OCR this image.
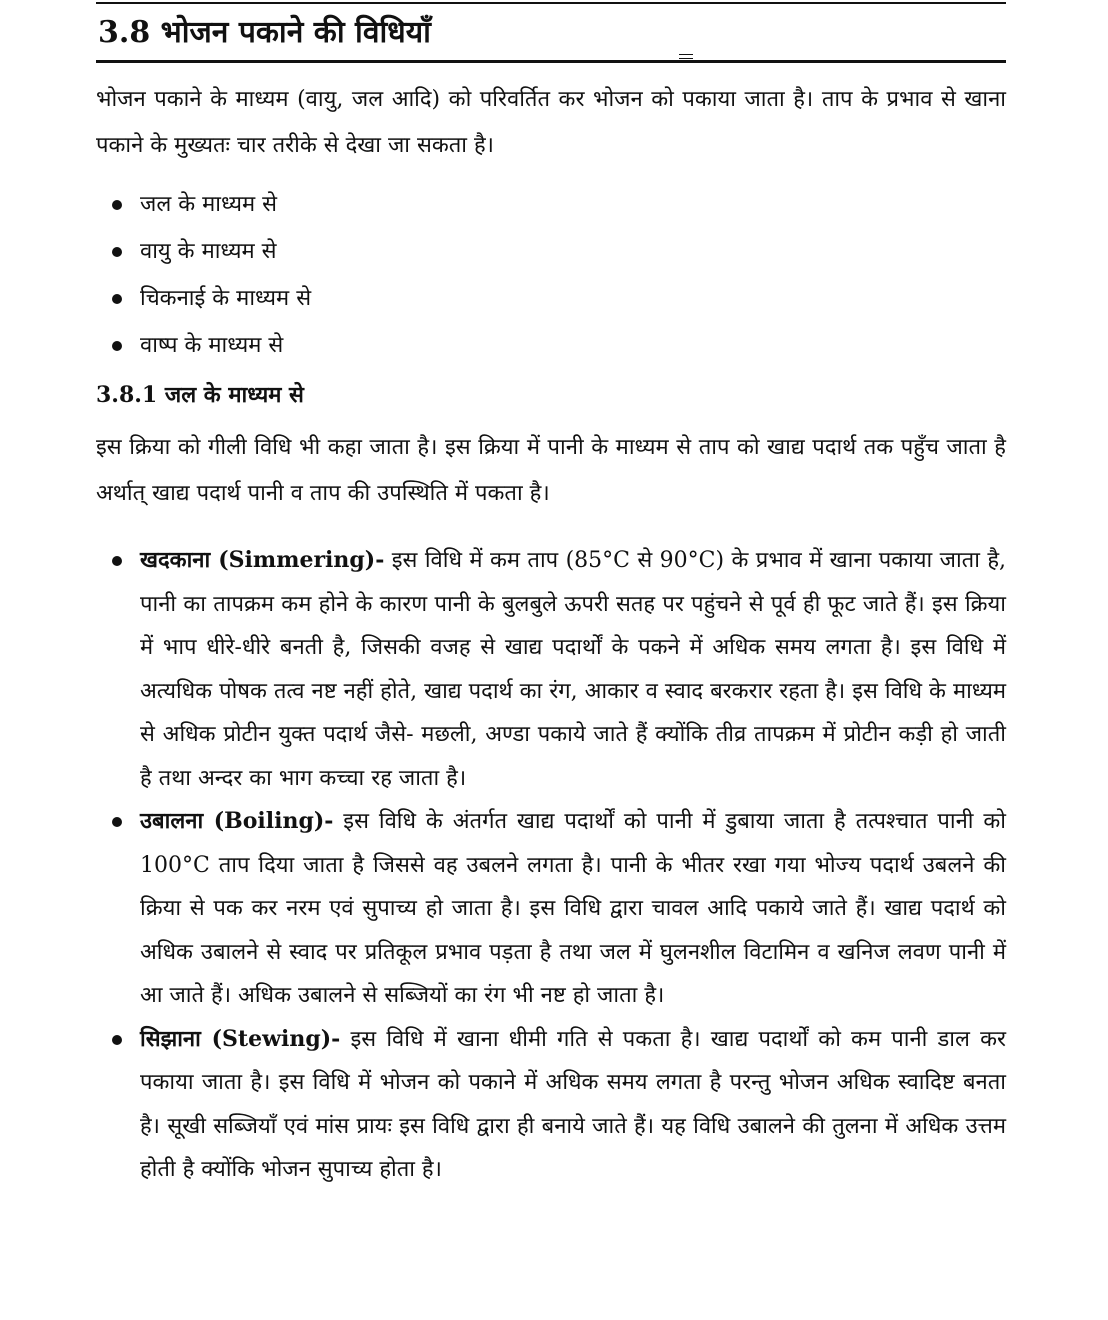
3.8 भोजन पकाने की विधियाँ

भोजन पकाने के माध्यम (वायु, जल आदि) को परिवर्तित कर भोजन को पकाया जाता है। ताप के प्रभाव से खाना पकाने के मुख्यतः चार तरीके से देखा जा सकता है।

जल के माध्यम से
वायु के माध्यम से
चिकनाई के माध्यम से
वाष्प के माध्यम से
3.8.1 जल के माध्यम से

इस क्रिया को गीली विधि भी कहा जाता है। इस क्रिया में पानी के माध्यम से ताप को खाद्य पदार्थ तक पहुँच जाता है अर्थात् खाद्य पदार्थ पानी व ताप की उपस्थिति में पकता है।

खदकाना (Simmering)- इस विधि में कम ताप (85°C से 90°C) के प्रभाव में खाना पकाया जाता है, पानी का तापक्रम कम होने के कारण पानी के बुलबुले ऊपरी सतह पर पहुंचने से पूर्व ही फूट जाते हैं। इस क्रिया में भाप धीरे-धीरे बनती है, जिसकी वजह से खाद्य पदार्थों के पकने में अधिक समय लगता है। इस विधि में अत्यधिक पोषक तत्व नष्ट नहीं होते, खाद्य पदार्थ का रंग, आकार व स्वाद बरकरार रहता है। इस विधि के माध्यम से अधिक प्रोटीन युक्त पदार्थ जैसे- मछली, अण्डा पकाये जाते हैं क्योंकि तीव्र तापक्रम में प्रोटीन कड़ी हो जाती है तथा अन्दर का भाग कच्चा रह जाता है।
उबालना (Boiling)- इस विधि के अंतर्गत खाद्य पदार्थों को पानी में डुबाया जाता है तत्पश्चात पानी को 100°C ताप दिया जाता है जिससे वह उबलने लगता है। पानी के भीतर रखा गया भोज्य पदार्थ उबलने की क्रिया से पक कर नरम एवं सुपाच्य हो जाता है। इस विधि द्वारा चावल आदि पकाये जाते हैं। खाद्य पदार्थ को अधिक उबालने से स्वाद पर प्रतिकूल प्रभाव पड़ता है तथा जल में घुलनशील विटामिन व खनिज लवण पानी में आ जाते हैं। अधिक उबालने से सब्जियों का रंग भी नष्ट हो जाता है।
सिझाना (Stewing)- इस विधि में खाना धीमी गति से पकता है। खाद्य पदार्थों को कम पानी डाल कर पकाया जाता है। इस विधि में भोजन को पकाने में अधिक समय लगता है परन्तु भोजन अधिक स्वादिष्ट बनता है। सूखी सब्जियाँ एवं मांस प्रायः इस विधि द्वारा ही बनाये जाते हैं। यह विधि उबालने की तुलना में अधिक उत्तम होती है क्योंकि भोजन सुपाच्य होता है।
